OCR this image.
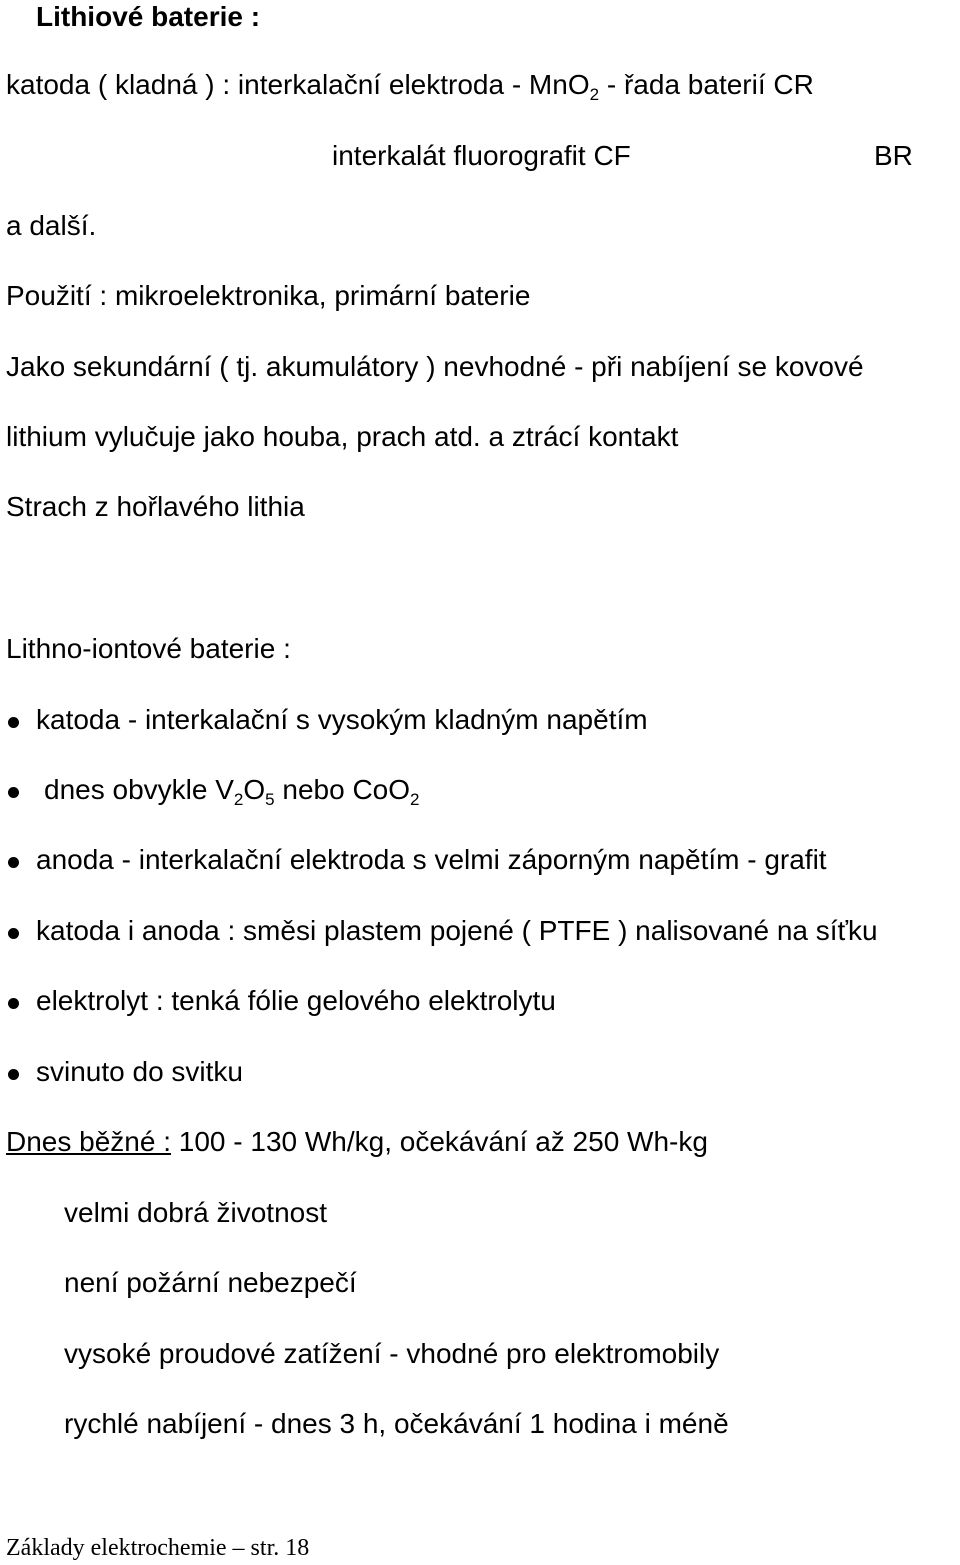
Lithiové baterie :
katoda ( kladná ) : interkalační elektroda - MnO$_2$ - řada baterií CR
interkalát fluorografit CF	BR
a další.
Použití : mikroelektronika, primární baterie
Jako sekundární ( tj. akumulátory ) nevhodné - při nabíjení se kovové
lithium vylučuje jako houba, prach atd. a ztrácí kontakt
Strach z hořlavého lithia
Lithno-iontové baterie :
katoda - interkalační s vysokým kladným napětím
dnes obvykle $V_2O_5$ nebo CoO$_2$
anoda - interkalační elektroda s velmi záporným napětím - grafit
katoda i anoda : směsi plastem pojené ( PTFE ) nalisované na síťku
elektrolyt : tenká fólie gelového elektrolytu
svinuto do svitku
Dnes běžné : 100 - 130 Wh/kg, očekávání až 250 Wh-kg
velmi dobrá životnost
není požární nebezpečí
vysoké proudové zatížení - vhodné pro elektromobily
rychlé nabíjení - dnes 3 h, očekávání 1 hodina i méně
Základy elektrochemie – str. 18
